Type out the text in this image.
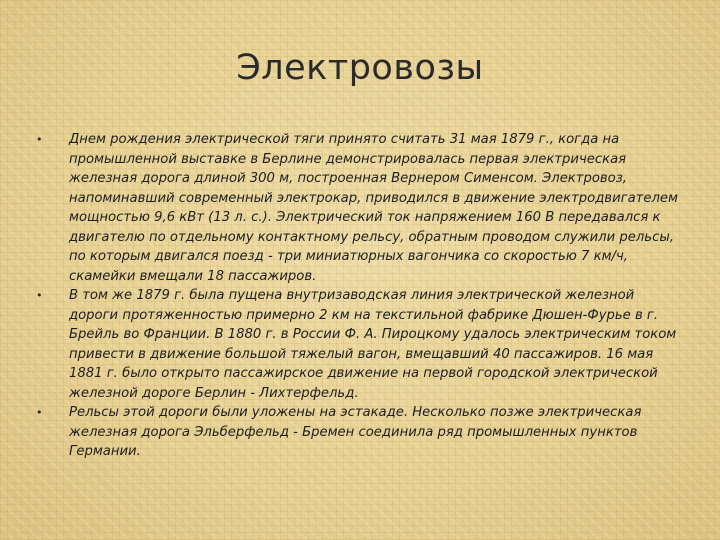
Электровозы
• Днем рождения электрической тяги принято считать 31 мая 1879 г., когда на промышленной выставке в Берлине демонстрировалась первая электрическая железная дорога длиной 300 м, построенная Вернером Сименсом. Электровоз, напоминавший современный электрокар, приводился в движение электродвигателем мощностью 9,6 кВт (13 л. с.). Электрический ток напряжением 160 В передавался к двигателю по отдельному контактному рельсу, обратным проводом служили рельсы, по которым двигался поезд - три миниатюрных вагончика со скоростью 7 км/ч, скамейки вмещали 18 пассажиров.
• В том же 1879 г. была пущена внутризаводская линия электрической железной дороги протяженностью примерно 2 км на текстильной фабрике Дюшен-Фурье в г. Брейль во Франции. В 1880 г. в России Ф. А. Пироцкому удалось электрическим током привести в движение большой тяжелый вагон, вмещавший 40 пассажиров. 16 мая 1881 г. было открыто пассажирское движение на первой городской электрической железной дороге Берлин - Лихтерфельд.
• Рельсы этой дороги были уложены на эстакаде. Несколько позже электрическая железная дорога Эльберфельд - Бремен соединила ряд промышленных пунктов Германии.
